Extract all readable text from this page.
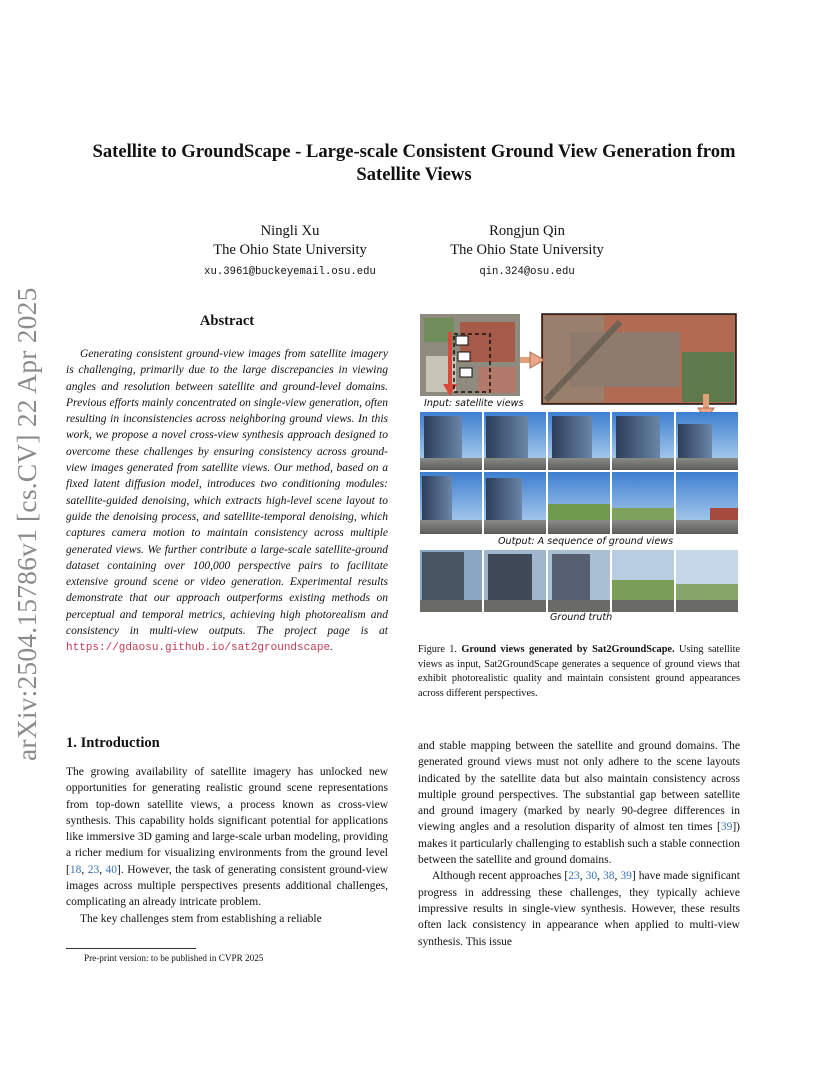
arXiv:2504.15786v1 [cs.CV] 22 Apr 2025
Satellite to GroundScape - Large-scale Consistent Ground View Generation from Satellite Views
Ningli Xu
The Ohio State University
xu.3961@buckeyemail.osu.edu
Rongjun Qin
The Ohio State University
qin.324@osu.edu
Abstract
Generating consistent ground-view images from satellite imagery is challenging, primarily due to the large discrepancies in viewing angles and resolution between satellite and ground-level domains. Previous efforts mainly concentrated on single-view generation, often resulting in inconsistencies across neighboring ground views. In this work, we propose a novel cross-view synthesis approach designed to overcome these challenges by ensuring consistency across ground-view images generated from satellite views. Our method, based on a fixed latent diffusion model, introduces two conditioning modules: satellite-guided denoising, which extracts high-level scene layout to guide the denoising process, and satellite-temporal denoising, which captures camera motion to maintain consistency across multiple generated views. We further contribute a large-scale satellite-ground dataset containing over 100,000 perspective pairs to facilitate extensive ground scene or video generation. Experimental results demonstrate that our approach outperforms existing methods on perceptual and temporal metrics, achieving high photorealism and consistency in multi-view outputs. The project page is at https://gdaosu.github.io/sat2groundscape.
Input: satellite views
Output: A sequence of ground views
Ground truth
Figure 1. Ground views generated by Sat2GroundScape. Using satellite views as input, Sat2GroundScape generates a sequence of ground views that exhibit photorealistic quality and maintain consistent ground appearances across different perspectives.
1. Introduction

The growing availability of satellite imagery has unlocked new opportunities for generating realistic ground scene representations from top-down satellite views, a process known as cross-view synthesis. This capability holds significant potential for applications like immersive 3D gaming and large-scale urban modeling, providing a richer medium for visualizing environments from the ground level [18, 23, 40]. However, the task of generating consistent ground-view images across multiple perspectives presents additional challenges, complicating an already intricate problem.

The key challenges stem from establishing a reliable

and stable mapping between the satellite and ground domains. The generated ground views must not only adhere to the scene layouts indicated by the satellite data but also maintain consistency across multiple ground perspectives. The substantial gap between satellite and ground imagery (marked by nearly 90-degree differences in viewing angles and a resolution disparity of almost ten times [39]) makes it particularly challenging to establish such a stable connection between the satellite and ground domains.

Although recent approaches [23, 30, 38, 39] have made significant progress in addressing these challenges, they typically achieve impressive results in single-view synthesis. However, these results often lack consistency in appearance when applied to multi-view synthesis. This issue

Pre-print version: to be published in CVPR 2025
